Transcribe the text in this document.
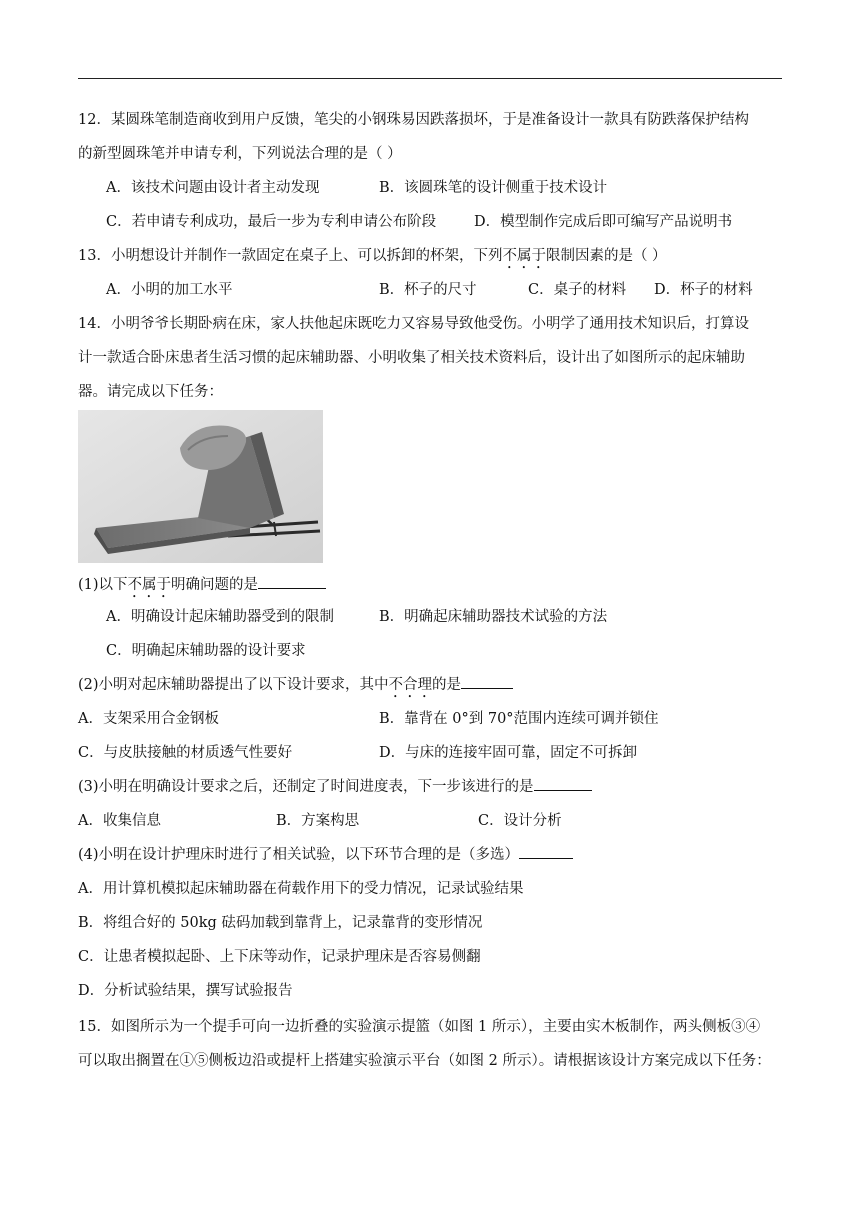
12．某圆珠笔制造商收到用户反馈，笔尖的小钢珠易因跌落损坏，于是准备设计一款具有防跌落保护结构
的新型圆珠笔并申请专利，下列说法合理的是（ ）
A．该技术问题由设计者主动发现	B．该圆珠笔的设计侧重于技术设计
C．若申请专利成功，最后一步为专利申请公布阶段	D．模型制作完成后即可编写产品说明书
13．小明想设计并制作一款固定在桌子上、可以拆卸的杯架，下列不属于限制因素的是（ ）
A．小明的加工水平	B．杯子的尺寸	C．桌子的材料 D．杯子的材料
14．小明爷爷长期卧病在床，家人扶他起床既吃力又容易导致他受伤。小明学了通用技术知识后，打算设
计一款适合卧床患者生活习惯的起床辅助器、小明收集了相关技术资料后，设计出了如图所示的起床辅助
器。请完成以下任务：
(1)以下不属于明确问题的是
A．明确设计起床辅助器受到的限制	B．明确起床辅助器技术试验的方法
C．明确起床辅助器的设计要求
(2)小明对起床辅助器提出了以下设计要求，其中不合理的是
A．支架采用合金钢板	B．靠背在 0°到 70°范围内连续可调并锁住
C．与皮肤接触的材质透气性要好	D．与床的连接牢固可靠，固定不可拆卸
(3)小明在明确设计要求之后，还制定了时间进度表，下一步该进行的是
A．收集信息	B．方案构思	C．设计分析
(4)小明在设计护理床时进行了相关试验，以下环节合理的是（多选）
A．用计算机模拟起床辅助器在荷载作用下的受力情况，记录试验结果
B．将组合好的 50kg 砝码加载到靠背上，记录靠背的变形情况
C．让患者模拟起卧、上下床等动作，记录护理床是否容易侧翻
D．分析试验结果，撰写试验报告
15．如图所示为一个提手可向一边折叠的实验演示提篮（如图 1 所示），主要由实木板制作，两头侧板③④
可以取出搁置在①⑤侧板边沿或提杆上搭建实验演示平台（如图 2 所示）。请根据该设计方案完成以下任务：
